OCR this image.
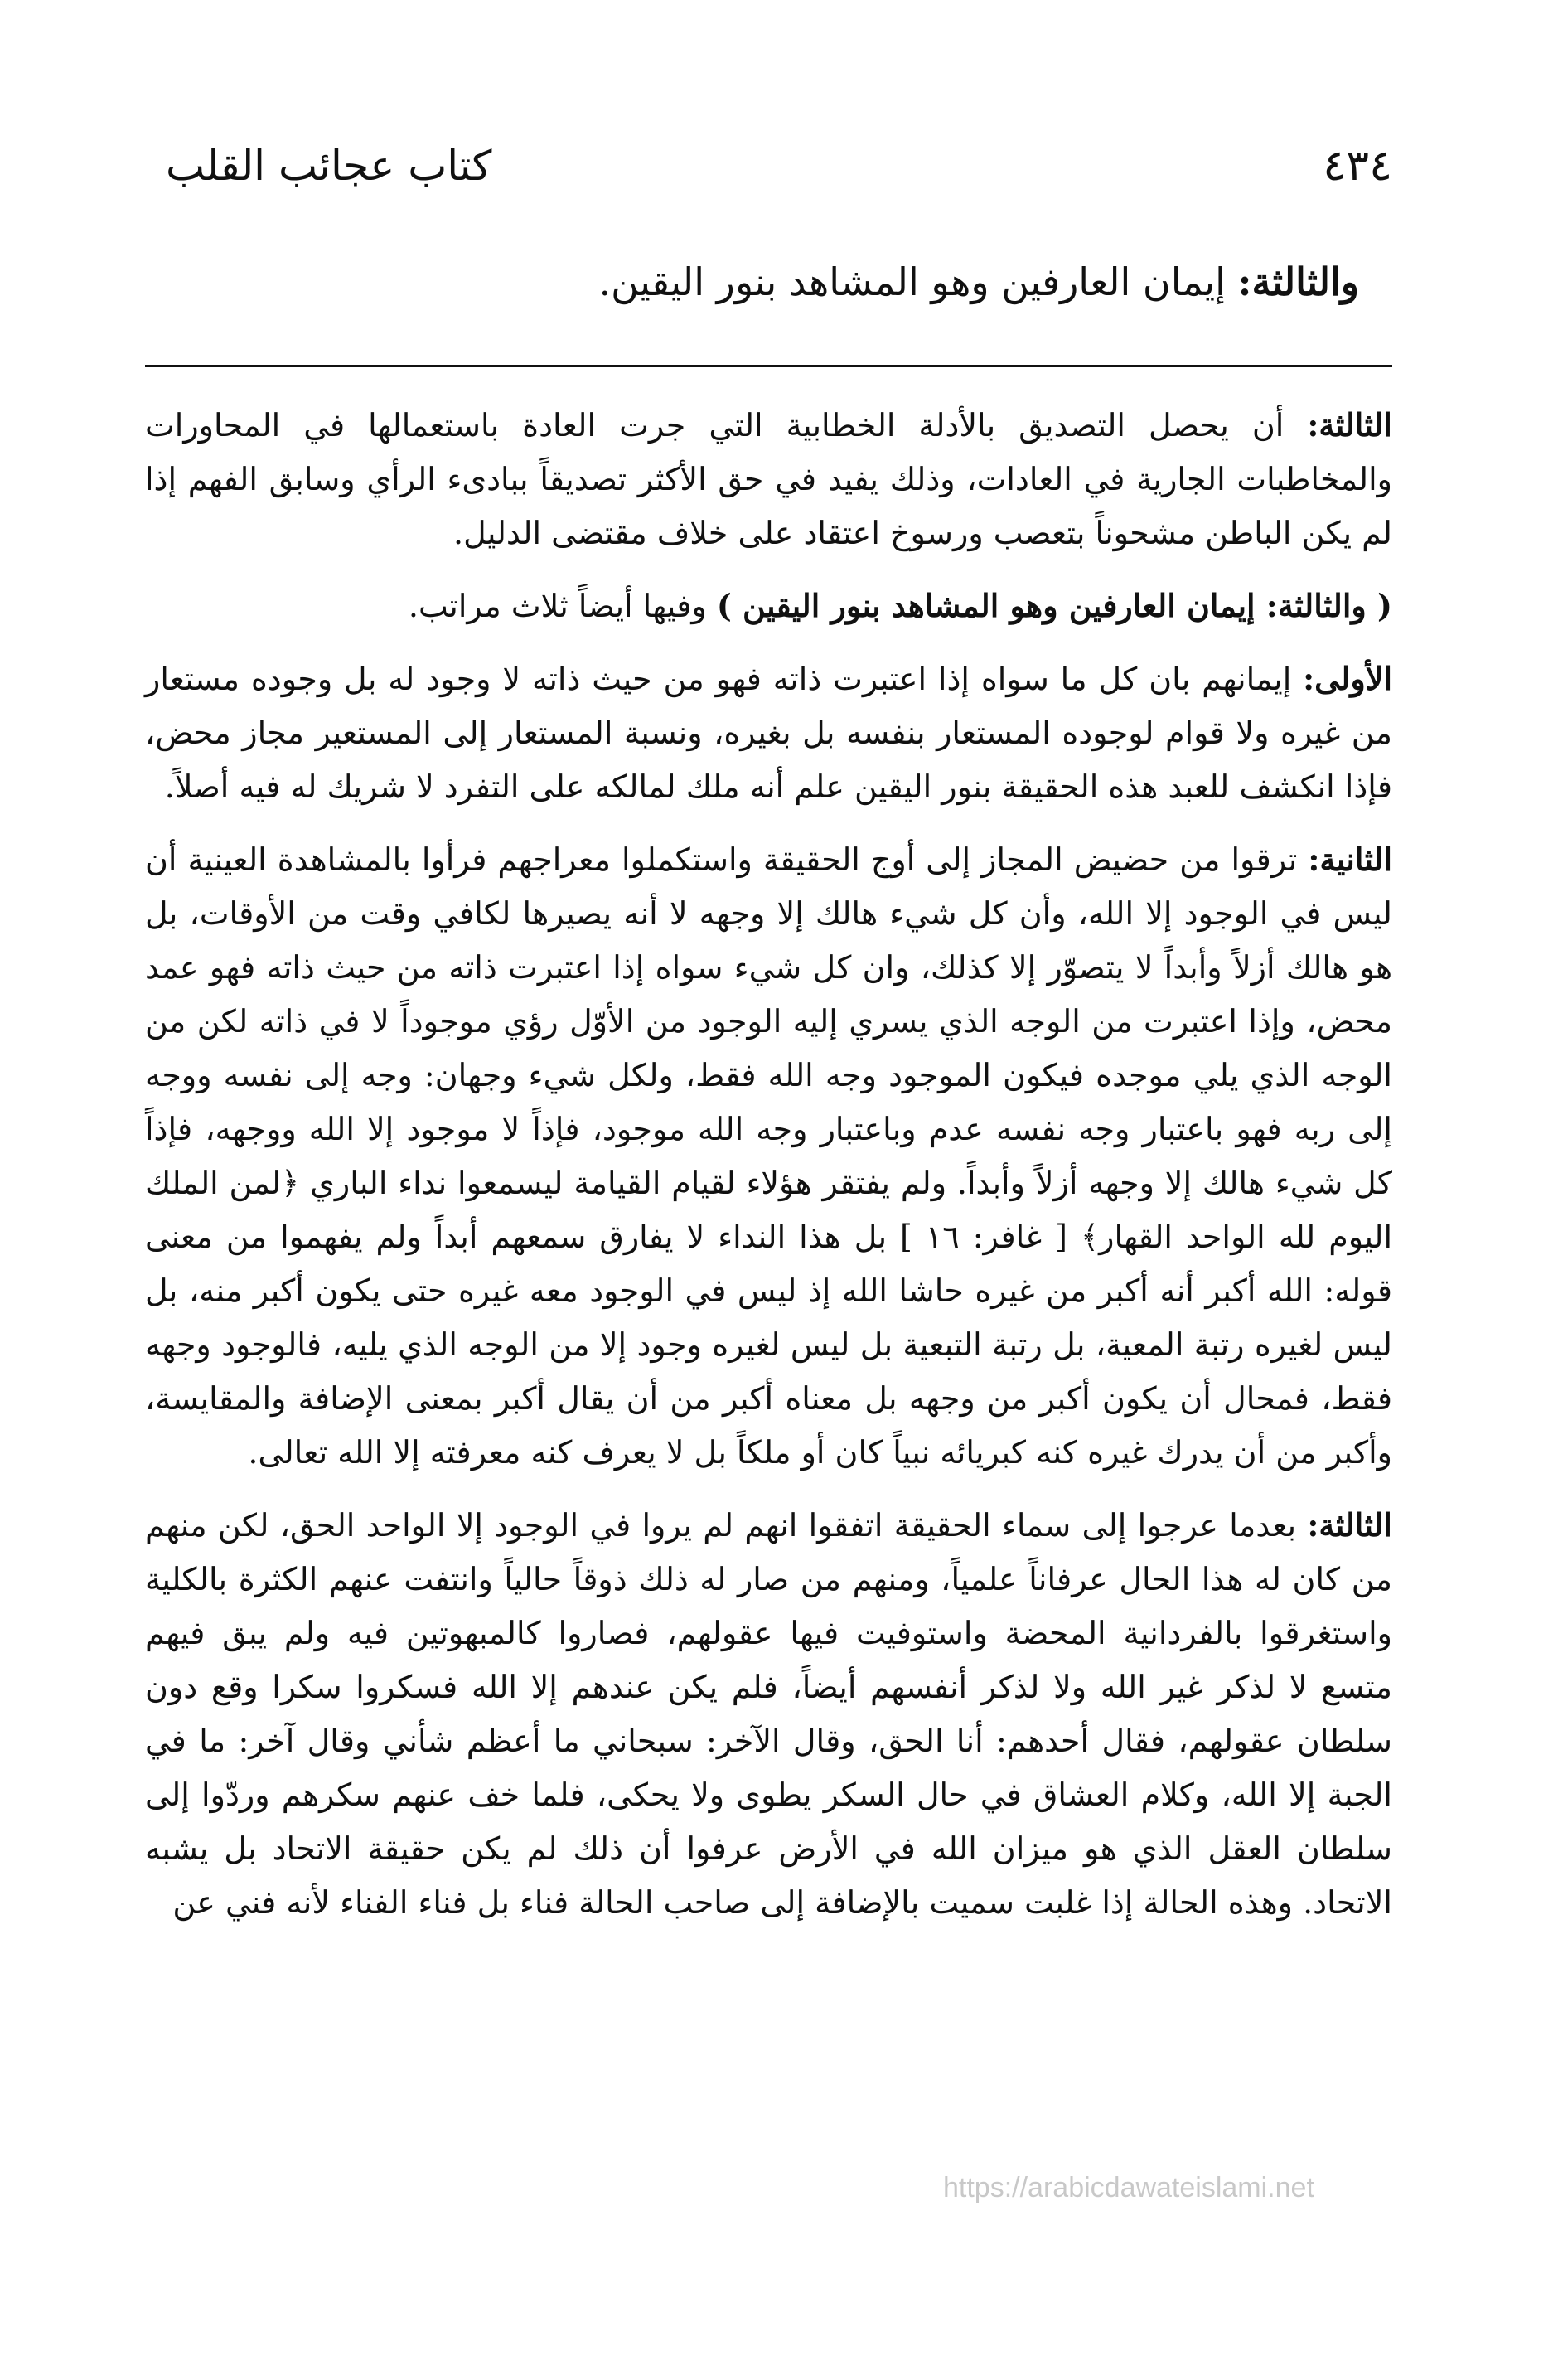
٤٣٤
كتاب عجائب القلب
والثالثة: إيمان العارفين وهو المشاهد بنور اليقين.

الثالثة: أن يحصل التصديق بالأدلة الخطابية التي جرت العادة باستعمالها في المحاورات والمخاطبات الجارية في العادات، وذلك يفيد في حق الأكثر تصديقاً ببادىء الرأي وسابق الفهم إذا لم يكن الباطن مشحوناً بتعصب ورسوخ اعتقاد على خلاف مقتضى الدليل.

( والثالثة: إيمان العارفين وهو المشاهد بنور اليقين ) وفيها أيضاً ثلاث مراتب.

الأولى: إيمانهم بان كل ما سواه إذا اعتبرت ذاته فهو من حيث ذاته لا وجود له بل وجوده مستعار من غيره ولا قوام لوجوده المستعار بنفسه بل بغيره، ونسبة المستعار إلى المستعير مجاز محض، فإذا انكشف للعبد هذه الحقيقة بنور اليقين علم أنه ملك لمالكه على التفرد لا شريك له فيه أصلاً.

الثانية: ترقوا من حضيض المجاز إلى أوج الحقيقة واستكملوا معراجهم فرأوا بالمشاهدة العينية أن ليس في الوجود إلا الله، وأن كل شيء هالك إلا وجهه لا أنه يصيرها لكافي وقت من الأوقات، بل هو هالك أزلاً وأبداً لا يتصوّر إلا كذلك، وان كل شيء سواه إذا اعتبرت ذاته من حيث ذاته فهو عمد محض، وإذا اعتبرت من الوجه الذي يسري إليه الوجود من الأوّل رؤي موجوداً لا في ذاته لكن من الوجه الذي يلي موجده فيكون الموجود وجه الله فقط، ولكل شيء وجهان: وجه إلى نفسه ووجه إلى ربه فهو باعتبار وجه نفسه عدم وباعتبار وجه الله موجود، فإذاً لا موجود إلا الله ووجهه، فإذاً كل شيء هالك إلا وجهه أزلاً وأبداً. ولم يفتقر هؤلاء لقيام القيامة ليسمعوا نداء الباري ﴿لمن الملك اليوم لله الواحد القهار﴾ [ غافر: ١٦ ] بل هذا النداء لا يفارق سمعهم أبداً ولم يفهموا من معنى قوله: الله أكبر أنه أكبر من غيره حاشا الله إذ ليس في الوجود معه غيره حتى يكون أكبر منه، بل ليس لغيره رتبة المعية، بل رتبة التبعية بل ليس لغيره وجود إلا من الوجه الذي يليه، فالوجود وجهه فقط، فمحال أن يكون أكبر من وجهه بل معناه أكبر من أن يقال أكبر بمعنى الإضافة والمقايسة، وأكبر من أن يدرك غيره كنه كبريائه نبياً كان أو ملكاً بل لا يعرف كنه معرفته إلا الله تعالى.

الثالثة: بعدما عرجوا إلى سماء الحقيقة اتفقوا انهم لم يروا في الوجود إلا الواحد الحق، لكن منهم من كان له هذا الحال عرفاناً علمياً، ومنهم من صار له ذلك ذوقاً حالياً وانتفت عنهم الكثرة بالكلية واستغرقوا بالفردانية المحضة واستوفيت فيها عقولهم، فصاروا كالمبهوتين فيه ولم يبق فيهم متسع لا لذكر غير الله ولا لذكر أنفسهم أيضاً، فلم يكن عندهم إلا الله فسكروا سكرا وقع دون سلطان عقولهم، فقال أحدهم: أنا الحق، وقال الآخر: سبحاني ما أعظم شأني وقال آخر: ما في الجبة إلا الله، وكلام العشاق في حال السكر يطوى ولا يحكى، فلما خف عنهم سكرهم وردّوا إلى سلطان العقل الذي هو ميزان الله في الأرض عرفوا أن ذلك لم يكن حقيقة الاتحاد بل يشبه الاتحاد. وهذه الحالة إذا غلبت سميت بالإضافة إلى صاحب الحالة فناء بل فناء الفناء لأنه فني عن

https://arabicdawateislami.net
